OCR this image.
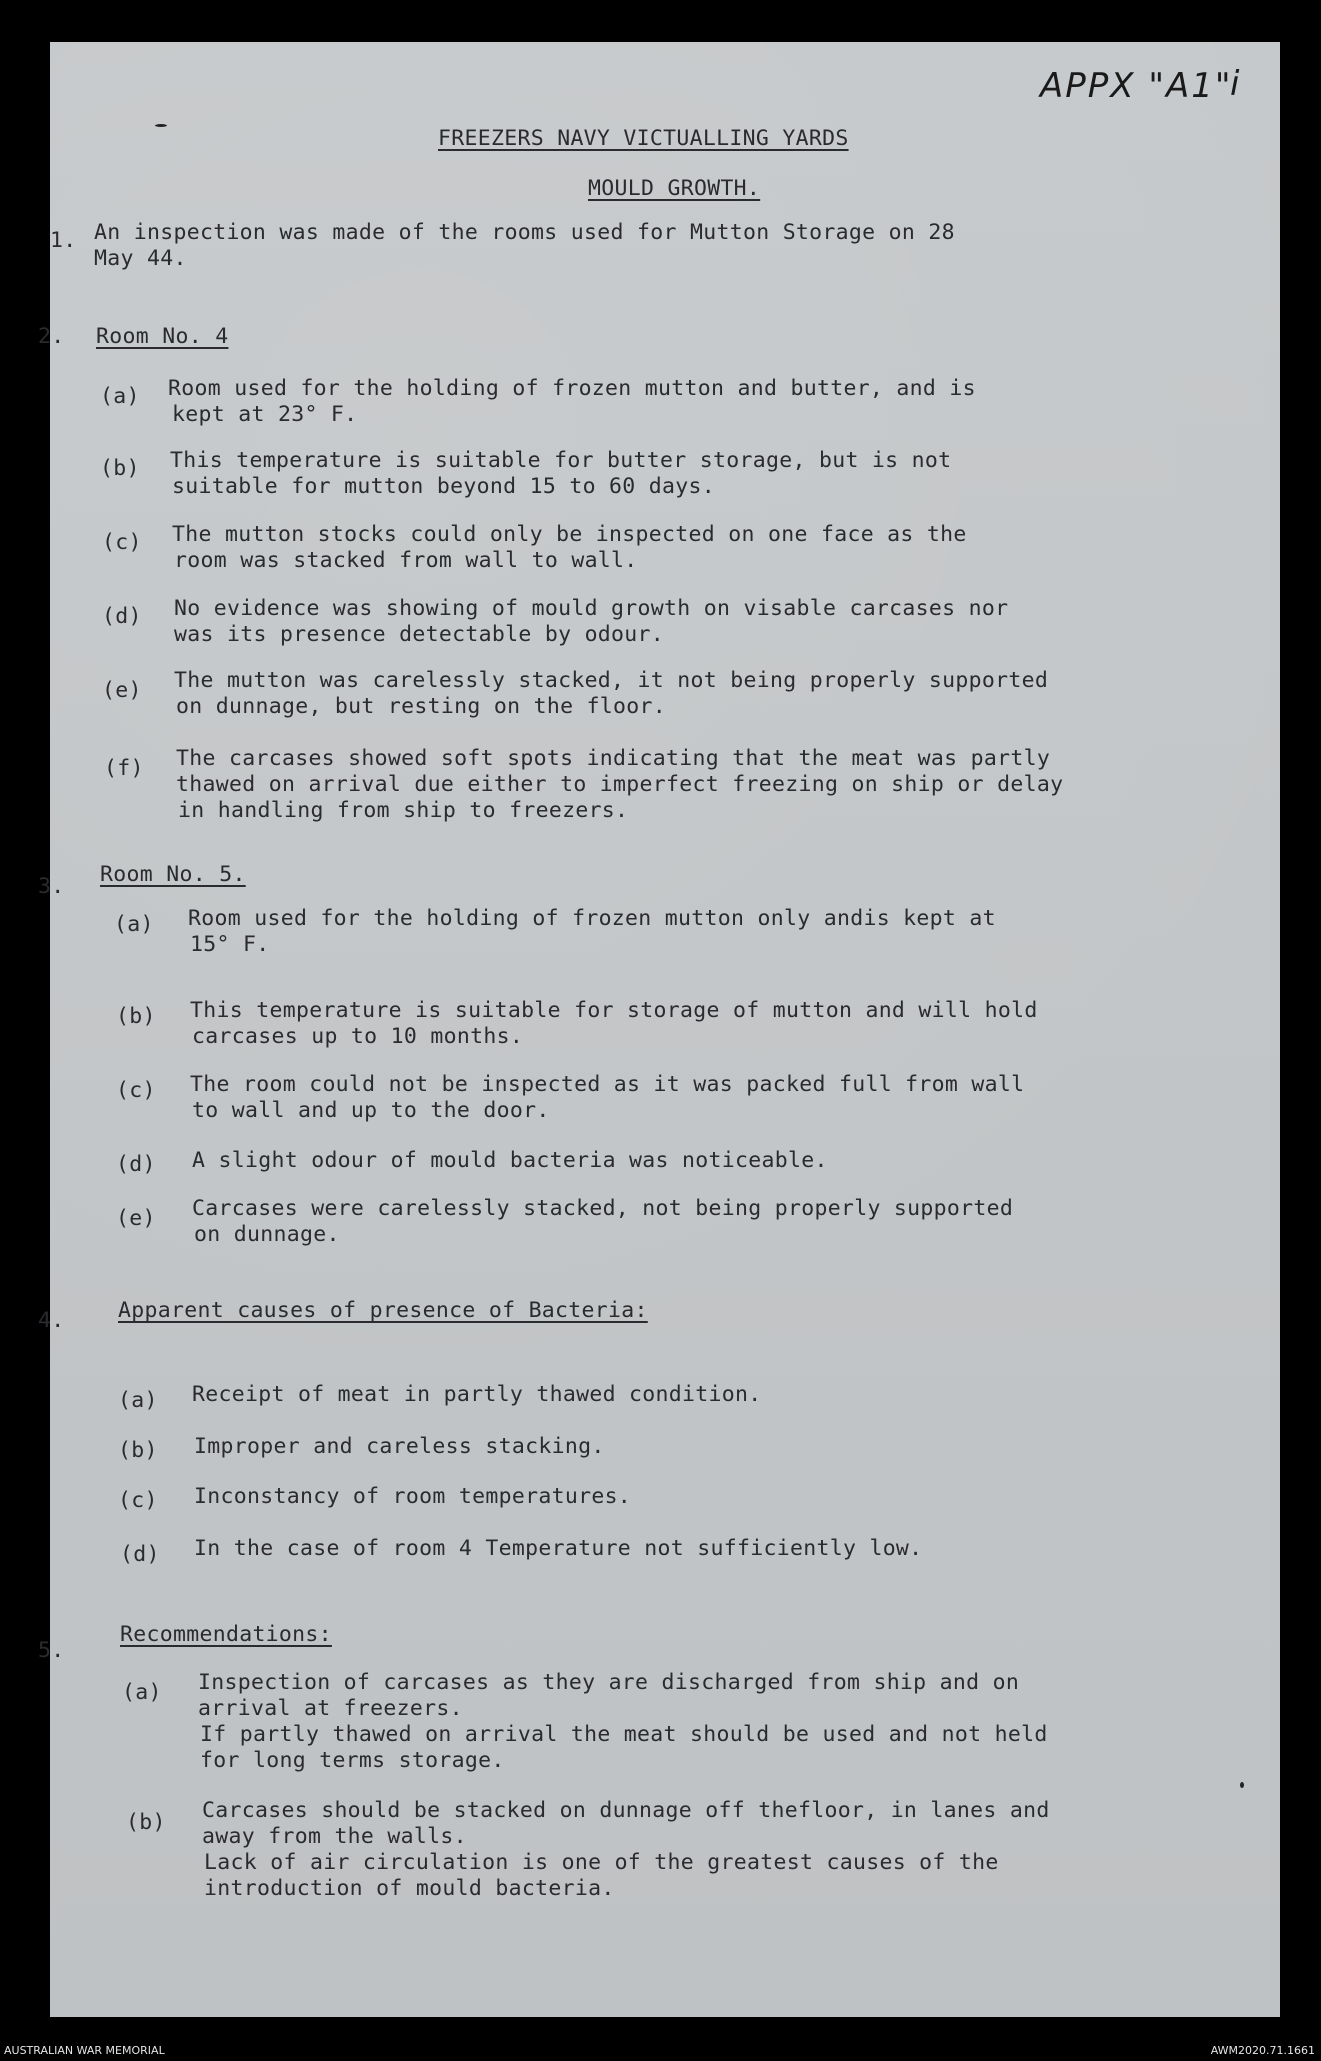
APPX "A1"
i
FREEZERS NAVY VICTUALLING YARDS
MOULD GROWTH.
1. An inspection was made of the rooms used for Mutton Storage on 28
May 44.
2. Room No. 4
(a) Room used for the holding of frozen mutton and butter, and is
kept at 23° F.
(b) This temperature is suitable for butter storage, but is not
suitable for mutton beyond 15 to 60 days.
(c) The mutton stocks could only be inspected on one face as the
room was stacked from wall to wall.
(d) No evidence was showing of mould growth on visable carcases nor
was its presence detectable by odour.
(e) The mutton was carelessly stacked, it not being properly supported
on dunnage, but resting on the floor.
(f) The carcases showed soft spots indicating that the meat was partly
thawed on arrival due either to imperfect freezing on ship or delay
in handling from ship to freezers.
3. Room No. 5.
(a) Room used for the holding of frozen mutton only andis kept at
15° F.
(b) This temperature is suitable for storage of mutton and will hold
carcases up to 10 months.
(c) The room could not be inspected as it was packed full from wall
to wall and up to the door.
(d) A slight odour of mould bacteria was noticeable.
(e) Carcases were carelessly stacked, not being properly supported
on dunnage.
4. Apparent causes of presence of Bacteria:
(a) Receipt of meat in partly thawed condition.
(b) Improper and careless stacking.
(c) Inconstancy of room temperatures.
(d) In the case of room 4 Temperature not sufficiently low.
5.
Recommendations:
(a) Inspection of carcases as they are discharged from ship and on
arrival at freezers.
If partly thawed on arrival the meat should be used and not held
for long terms storage.
(b) Carcases should be stacked on dunnage off thefloor, in lanes and
away from the walls.
Lack of air circulation is one of the greatest causes of the
introduction of mould bacteria.
AUSTRALIAN WAR MEMORIAL	AWM2020.71.1661
